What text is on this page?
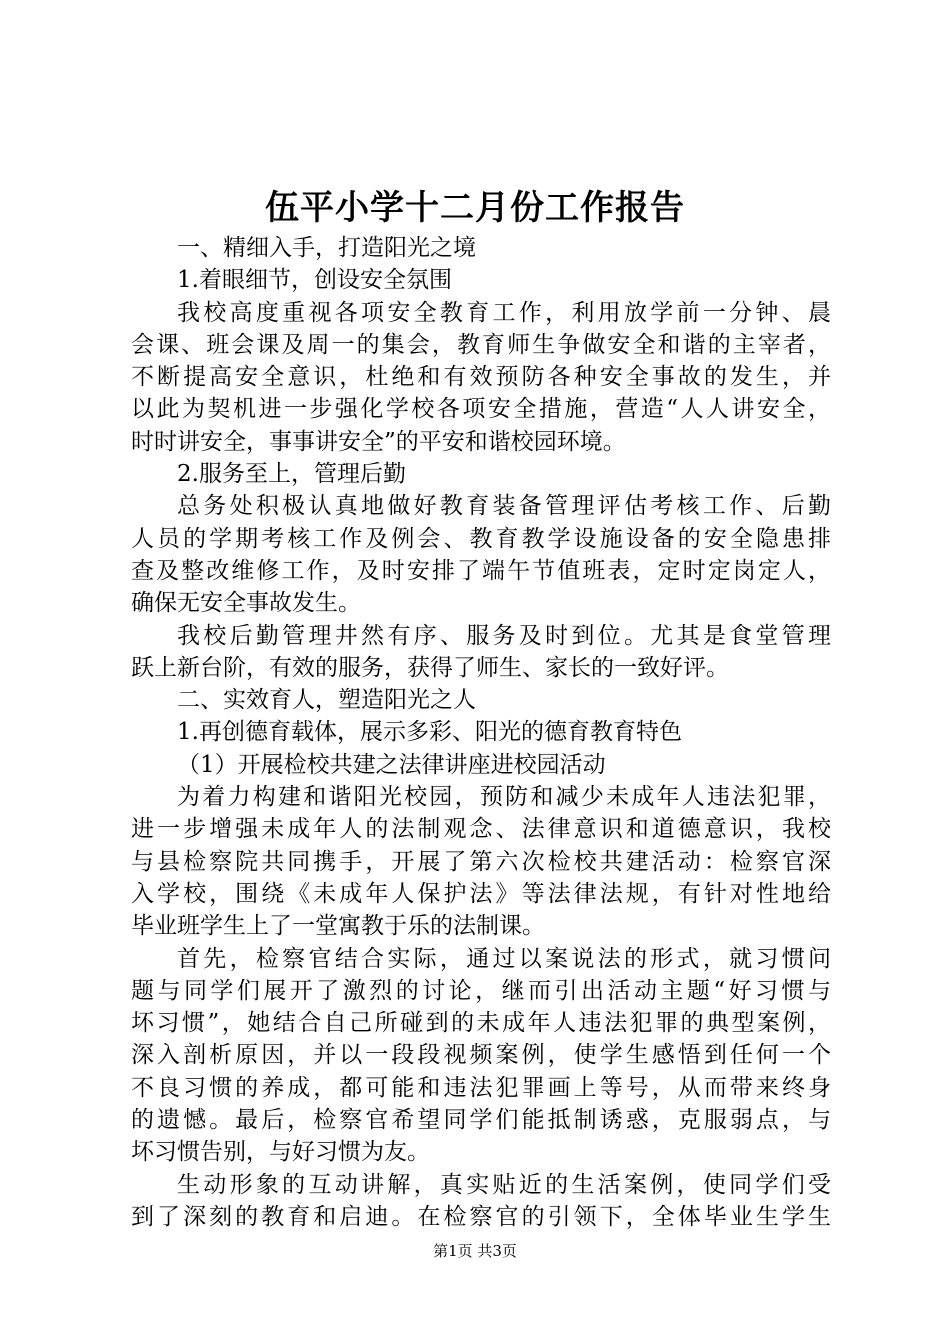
伍平小学十二月份工作报告
一、精细入手，打造阳光之境
1.着眼细节，创设安全氛围
我校高度重视各项安全教育工作，利用放学前一分钟、晨
会课、班会课及周一的集会，教育师生争做安全和谐的主宰者，
不断提高安全意识，杜绝和有效预防各种安全事故的发生，并
以此为契机进一步强化学校各项安全措施，营造“人人讲安全，
时时讲安全，事事讲安全”的平安和谐校园环境。
2.服务至上，管理后勤
总务处积极认真地做好教育装备管理评估考核工作、后勤
人员的学期考核工作及例会、教育教学设施设备的安全隐患排
查及整改维修工作，及时安排了端午节值班表，定时定岗定人，
确保无安全事故发生。
我校后勤管理井然有序、服务及时到位。尤其是食堂管理
跃上新台阶，有效的服务，获得了师生、家长的一致好评。
二、实效育人，塑造阳光之人
1.再创德育载体，展示多彩、阳光的德育教育特色
（1）开展检校共建之法律讲座进校园活动
为着力构建和谐阳光校园，预防和减少未成年人违法犯罪，
进一步增强未成年人的法制观念、法律意识和道德意识，我校
与县检察院共同携手，开展了第六次检校共建活动：检察官深
入学校，围绕《未成年人保护法》等法律法规，有针对性地给
毕业班学生上了一堂寓教于乐的法制课。
首先，检察官结合实际，通过以案说法的形式，就习惯问
题与同学们展开了激烈的讨论，继而引出活动主题“好习惯与
坏习惯”，她结合自己所碰到的未成年人违法犯罪的典型案例，
深入剖析原因，并以一段段视频案例，使学生感悟到任何一个
不良习惯的养成，都可能和违法犯罪画上等号，从而带来终身
的遗憾。最后，检察官希望同学们能抵制诱惑，克服弱点，与
坏习惯告别，与好习惯为友。
生动形象的互动讲解，真实贴近的生活案例，使同学们受
到了深刻的教育和启迪。在检察官的引领下，全体毕业生学生
第1页 共3页
